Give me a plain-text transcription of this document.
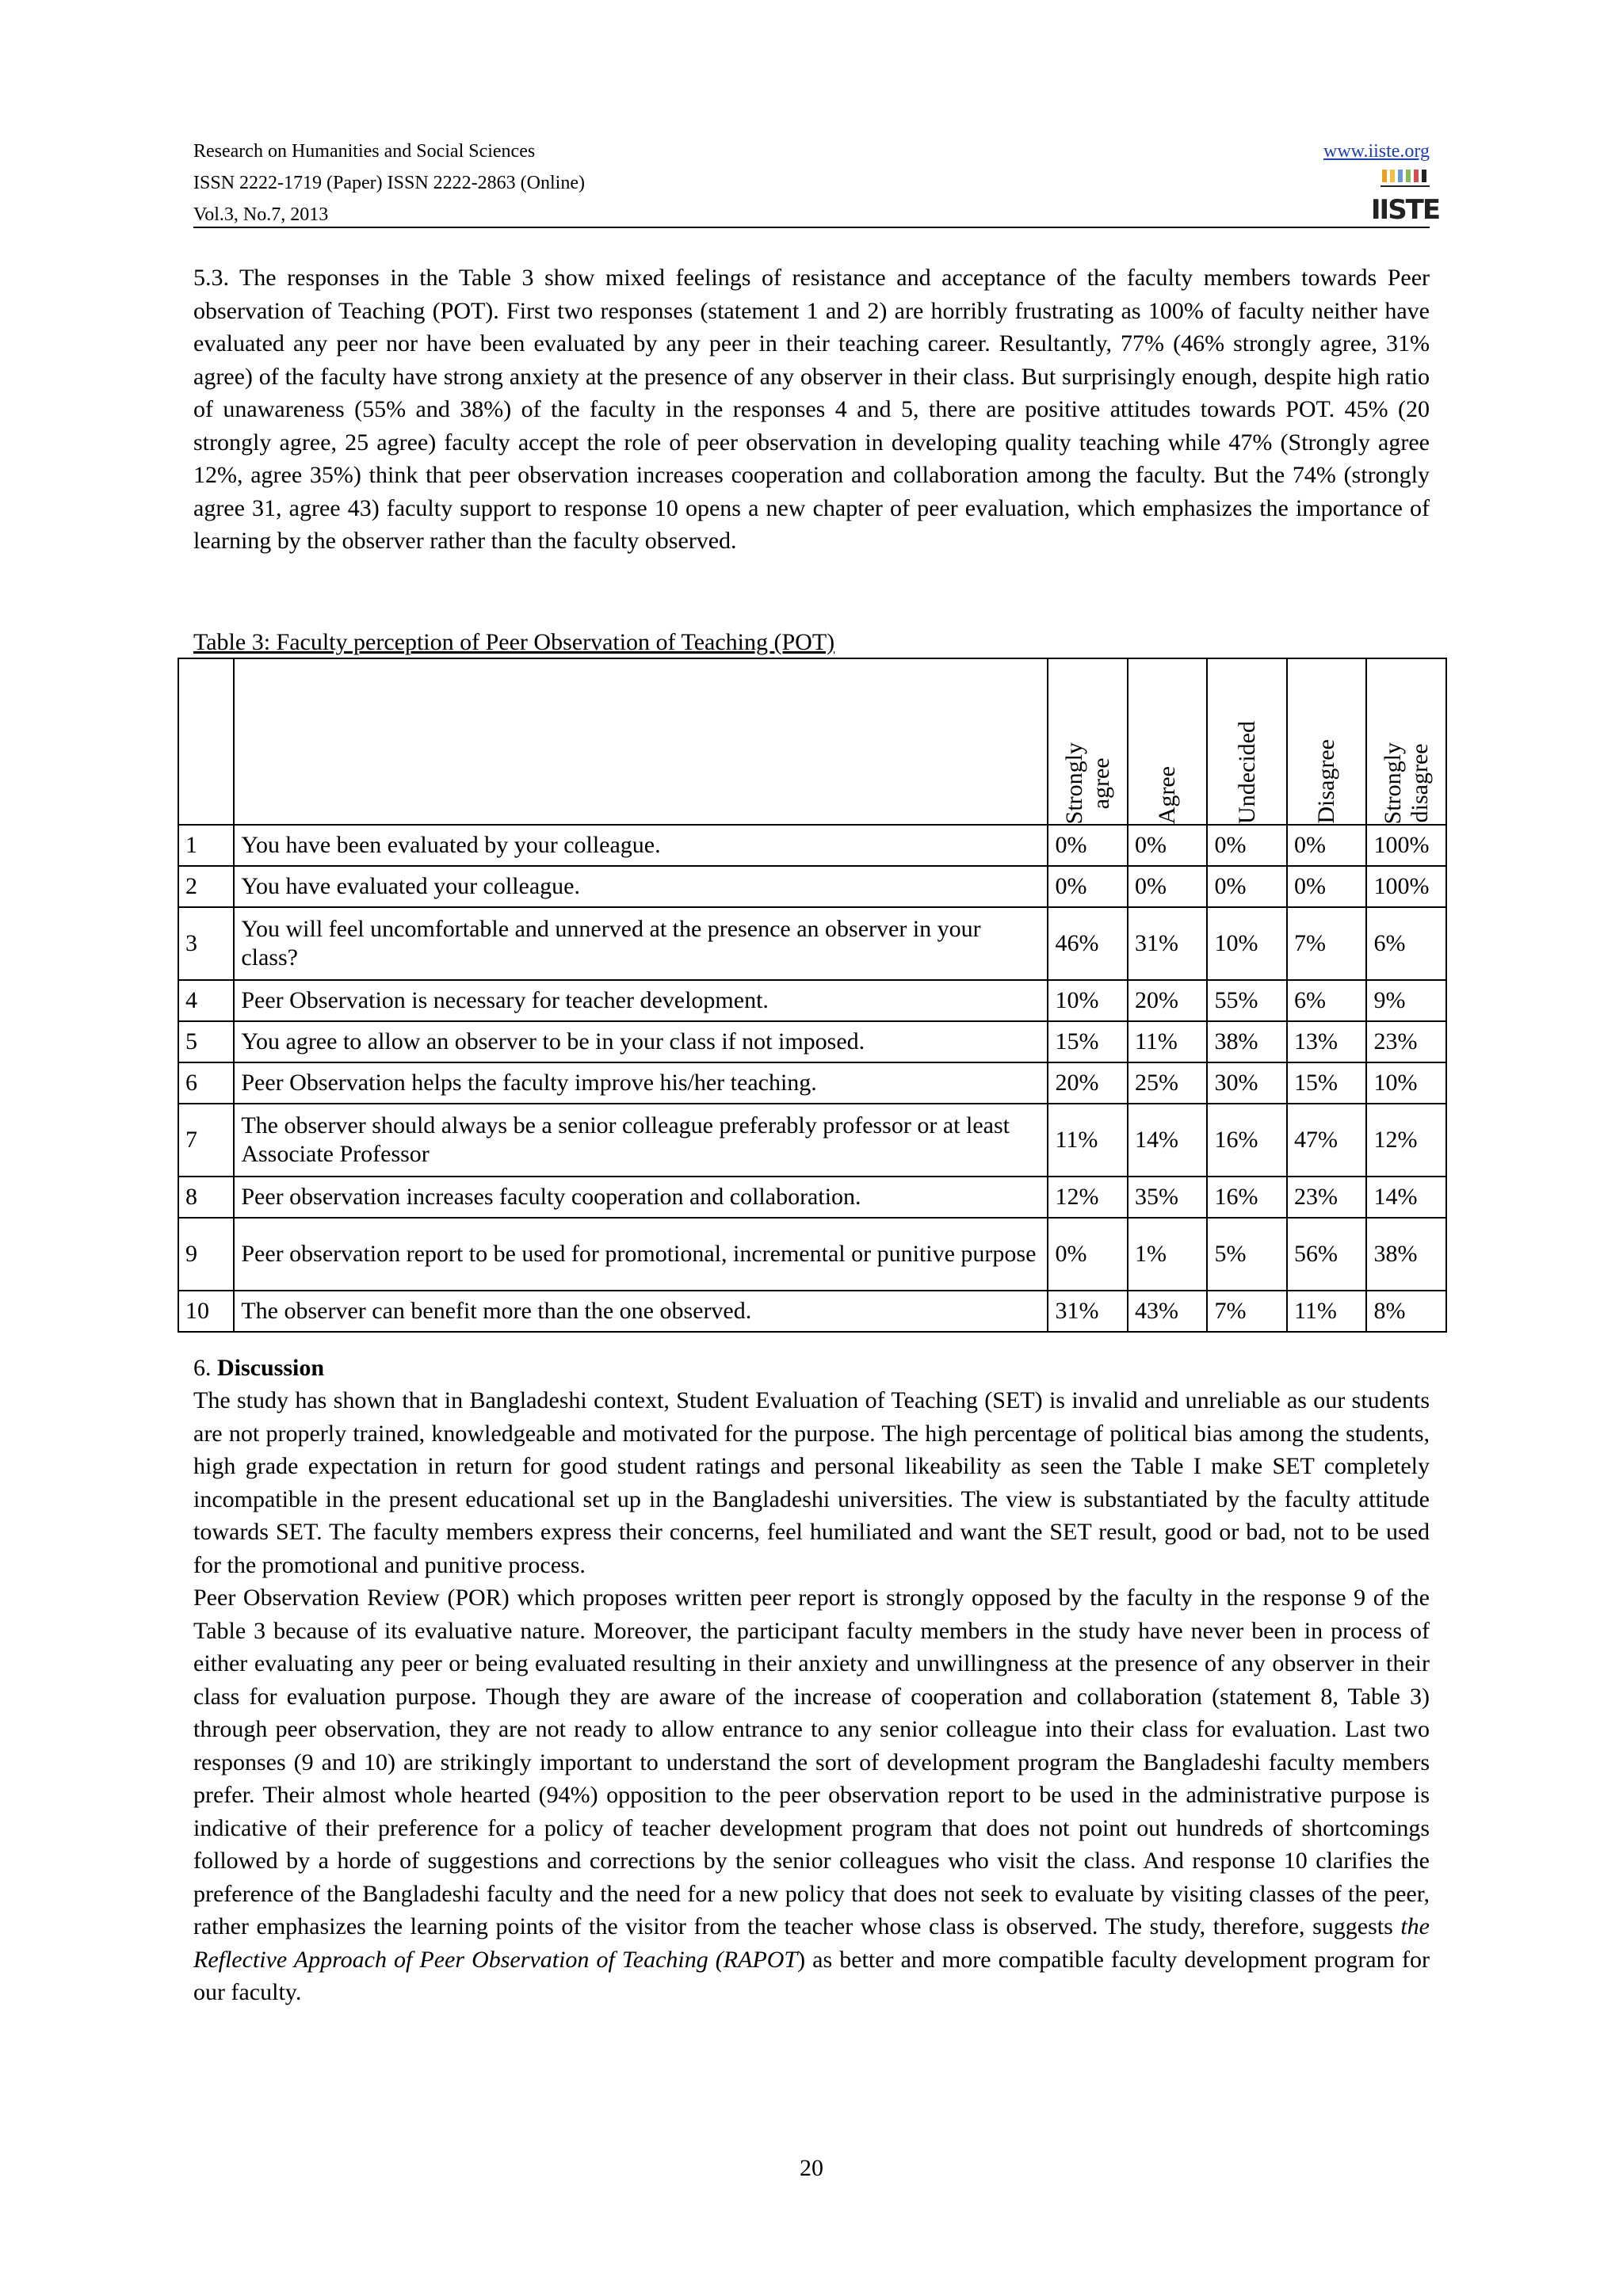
Research on Humanities and Social Sciences
ISSN 2222-1719 (Paper) ISSN 2222-2863 (Online)
Vol.3, No.7, 2013
www.iiste.org
IISTE

5.3. The responses in the Table 3 show mixed feelings of resistance and acceptance of the faculty members towards Peer observation of Teaching (POT). First two responses (statement 1 and 2) are horribly frustrating as 100% of faculty neither have evaluated any peer nor have been evaluated by any peer in their teaching career. Resultantly, 77% (46% strongly agree, 31% agree) of the faculty have strong anxiety at the presence of any observer in their class. But surprisingly enough, despite high ratio of unawareness (55% and 38%) of the faculty in the responses 4 and 5, there are positive attitudes towards POT. 45% (20 strongly agree, 25 agree) faculty accept the role of peer observation in developing quality teaching while 47% (Strongly agree 12%, agree 35%) think that peer observation increases cooperation and collaboration among the faculty. But the 74% (strongly agree 31, agree 43) faculty support to response 10 opens a new chapter of peer evaluation, which emphasizes the importance of learning by the observer rather than the faculty observed.

Table 3: Faculty perception of Peer Observation of Teaching (POT)

		Strongly
agree	Agree	Undecided	Disagree	Strongly
disagree

1	You have been evaluated by your colleague.	0%	0%	0%	0%	100%
2	You have evaluated your colleague.	0%	0%	0%	0%	100%
3	You will feel uncomfortable and unnerved at the presence an observer in your class?	46%	31%	10%	7%	6%
4	Peer Observation is necessary for teacher development.	10%	20%	55%	6%	9%
5	You agree to allow an observer to be in your class if not imposed.	15%	11%	38%	13%	23%
6	Peer Observation helps the faculty improve his/her teaching.	20%	25%	30%	15%	10%
7	The observer should always be a senior colleague preferably professor or at least Associate Professor	11%	14%	16%	47%	12%
8	Peer observation increases faculty cooperation and collaboration.	12%	35%	16%	23%	14%
9	Peer observation report to be used for promotional, incremental or punitive purpose	0%	1%	5%	56%	38%
10	The observer can benefit more than the one observed.	31%	43%	7%	11%	8%
6. Discussion

The study has shown that in Bangladeshi context, Student Evaluation of Teaching (SET) is invalid and unreliable as our students are not properly trained, knowledgeable and motivated for the purpose. The high percentage of political bias among the students, high grade expectation in return for good student ratings and personal likeability as seen the Table I make SET completely incompatible in the present educational set up in the Bangladeshi universities. The view is substantiated by the faculty attitude towards SET. The faculty members express their concerns, feel humiliated and want the SET result, good or bad, not to be used for the promotional and punitive process.

Peer Observation Review (POR) which proposes written peer report is strongly opposed by the faculty in the response 9 of the Table 3 because of its evaluative nature. Moreover, the participant faculty members in the study have never been in process of either evaluating any peer or being evaluated resulting in their anxiety and unwillingness at the presence of any observer in their class for evaluation purpose. Though they are aware of the increase of cooperation and collaboration (statement 8, Table 3) through peer observation, they are not ready to allow entrance to any senior colleague into their class for evaluation. Last two responses (9 and 10) are strikingly important to understand the sort of development program the Bangladeshi faculty members prefer. Their almost whole hearted (94%) opposition to the peer observation report to be used in the administrative purpose is indicative of their preference for a policy of teacher development program that does not point out hundreds of shortcomings followed by a horde of suggestions and corrections by the senior colleagues who visit the class. And response 10 clarifies the preference of the Bangladeshi faculty and the need for a new policy that does not seek to evaluate by visiting classes of the peer, rather emphasizes the learning points of the visitor from the teacher whose class is observed. The study, therefore, suggests the Reflective Approach of Peer Observation of Teaching (RAPOT) as better and more compatible faculty development program for our faculty.

20
